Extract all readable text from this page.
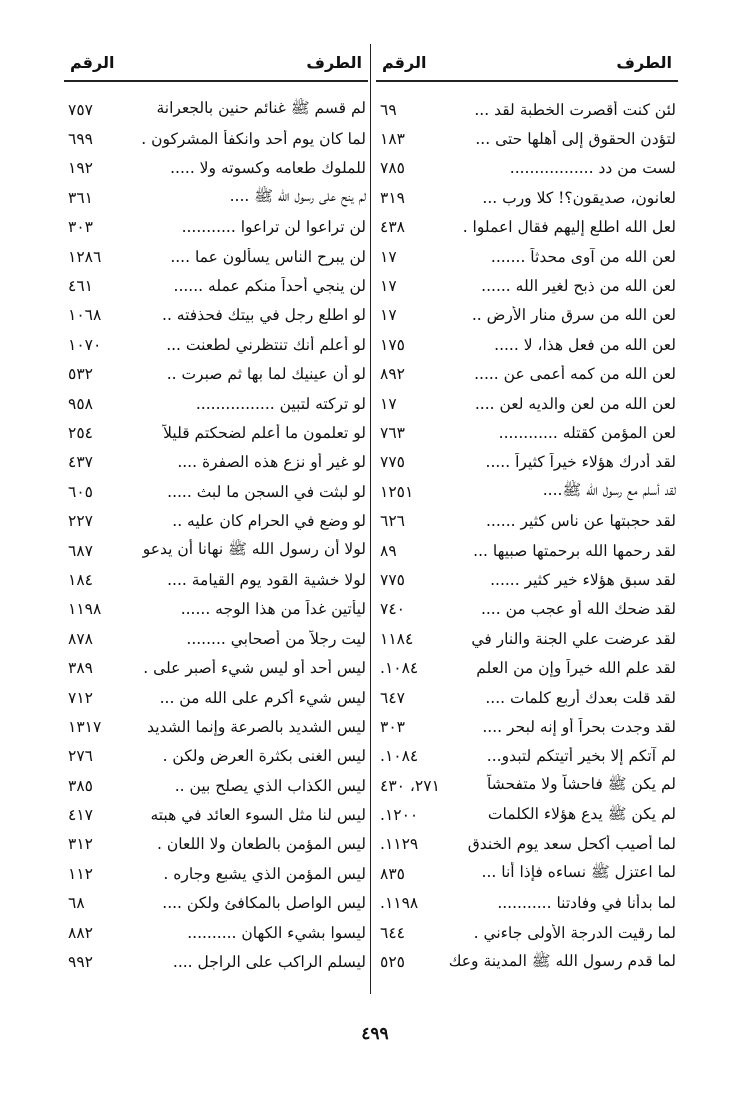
الطرف
الرقم
لئن كنت أقصرت الخطبة لقد ...
٦٩
لتؤدن الحقوق إلى أهلها حتى ...
١٨٣
لست من دد .................
٧٨٥
لعانون، صديقون؟! كلا ورب ...
٣١٩
لعل الله اطلع إليهم فقال اعملوا .
٤٣٨
لعن الله من آوى محدثاً .......
١٧
لعن الله من ذبح لغير الله ......
١٧
لعن الله من سرق منار الأرض ..
١٧
لعن الله من فعل هذا، لا .....
١٧٥
لعن الله من كمه أعمى عن .....
٨٩٢
لعن الله من لعن والديه لعن ....
١٧
لعن المؤمن كقتله ............
٧٦٣
لقد أدرك هؤلاء خيراً كثيراً .....
٧٧٥
لقد أسلم مع رسول الله ﷺ....
١٢٥١
لقد حجبتها عن ناس كثير ......
٦٢٦
لقد رحمها الله برحمتها صبيها ...
٨٩
لقد سبق هؤلاء خير كثير ......
٧٧٥
لقد ضحك الله أو عجب من ....
٧٤٠
لقد عرضت علي الجنة والنار في
١١٨٤
لقد علم الله خيراً وإن من العلم
١٠٨٤.
لقد قلت بعدك أربع كلمات ....
٦٤٧
لقد وجدت بحراً أو إنه لبحر ....
٣٠٣
لم آتكم إلا بخير أتيتكم لتبدو...
١٠٨٤.
لم يكن ﷺ فاحشاً ولا متفحشاً
٢٧١، ٤٣٠
لم يكن ﷺ يدع هؤلاء الكلمات
١٢٠٠.
لما أصيب أكحل سعد يوم الخندق
١١٢٩.
لما اعتزل ﷺ نساءه فإذا أنا ...
٨٣٥
لما بدأنا في وفادتنا ...........
١١٩٨.
لما رقيت الدرجة الأولى جاءني .
٦٤٤
لما قدم رسول الله ﷺ المدينة وعك
٥٢٥
الطرف
الرقم
لم قسم ﷺ غنائم حنين بالجعرانة
٧٥٧
لما كان يوم أحد وانكفأ المشركون .
٦٩٩
للملوك طعامه وكسوته ولا .....
١٩٢
لم ينح على رسول الله ﷺ ....
٣٦١
لن تراعوا لن تراعوا ...........
٣٠٣
لن يبرح الناس يسألون عما ....
١٢٨٦
لن ينجي أحداً منكم عمله ......
٤٦١
لو اطلع رجل في بيتك فحذفته ..
١٠٦٨
لو أعلم أنك تنتظرني لطعنت ...
١٠٧٠
لو أن عينيك لما بها ثم صبرت ..
٥٣٢
لو تركته لتبين ................
٩٥٨
لو تعلمون ما أعلم لضحكتم قليلاً
٢٥٤
لو غير أو نزع هذه الصفرة ....
٤٣٧
لو لبثت في السجن ما لبث .....
٦٠٥
لو وضع في الحرام كان عليه ..
٢٢٧
لولا أن رسول الله ﷺ نهانا أن يدعو
٦٨٧
لولا خشية القود يوم القيامة ....
١٨٤
ليأتين غداً من هذا الوجه ......
١١٩٨
ليت رجلاً من أصحابي ........
٨٧٨
ليس أحد أو ليس شيء أصبر على .
٣٨٩
ليس شيء أكرم على الله من ...
٧١٢
ليس الشديد بالصرعة وإنما الشديد
١٣١٧
ليس الغنى بكثرة العرض ولكن .
٢٧٦
ليس الكذاب الذي يصلح بين ..
٣٨٥
ليس لنا مثل السوء العائد في هبته
٤١٧
ليس المؤمن بالطعان ولا اللعان .
٣١٢
ليس المؤمن الذي يشبع وجاره .
١١٢
ليس الواصل بالمكافئ ولكن ....
٦٨
ليسوا بشيء الكهان ..........
٨٨٢
ليسلم الراكب على الراجل ....
٩٩٢
٤٩٩
